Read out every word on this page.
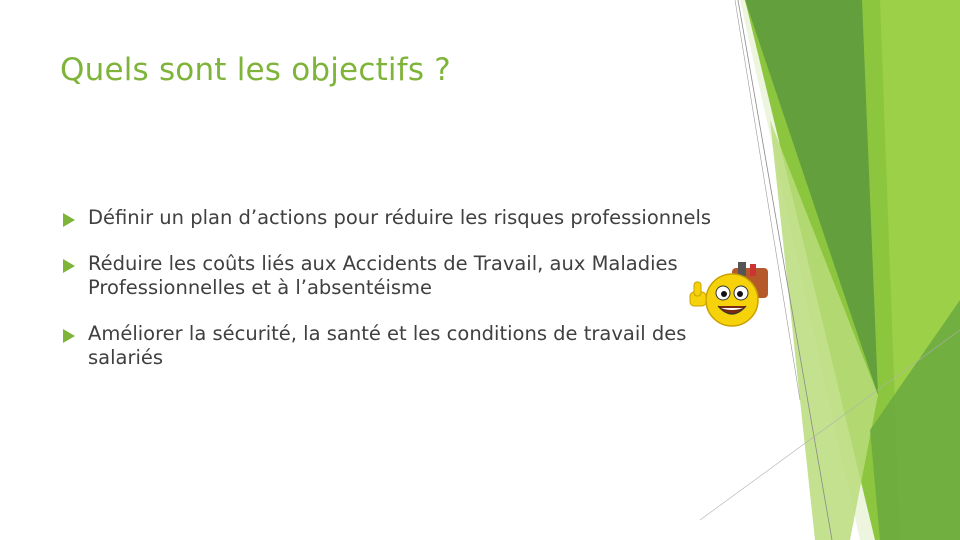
Quels sont les objectifs ?
Définir un plan d’actions pour réduire les risques professionnels
Réduire les coûts liés aux Accidents de Travail, aux Maladies Professionnelles et à l’absentéisme
Améliorer la sécurité, la santé et les conditions de travail des salariés
